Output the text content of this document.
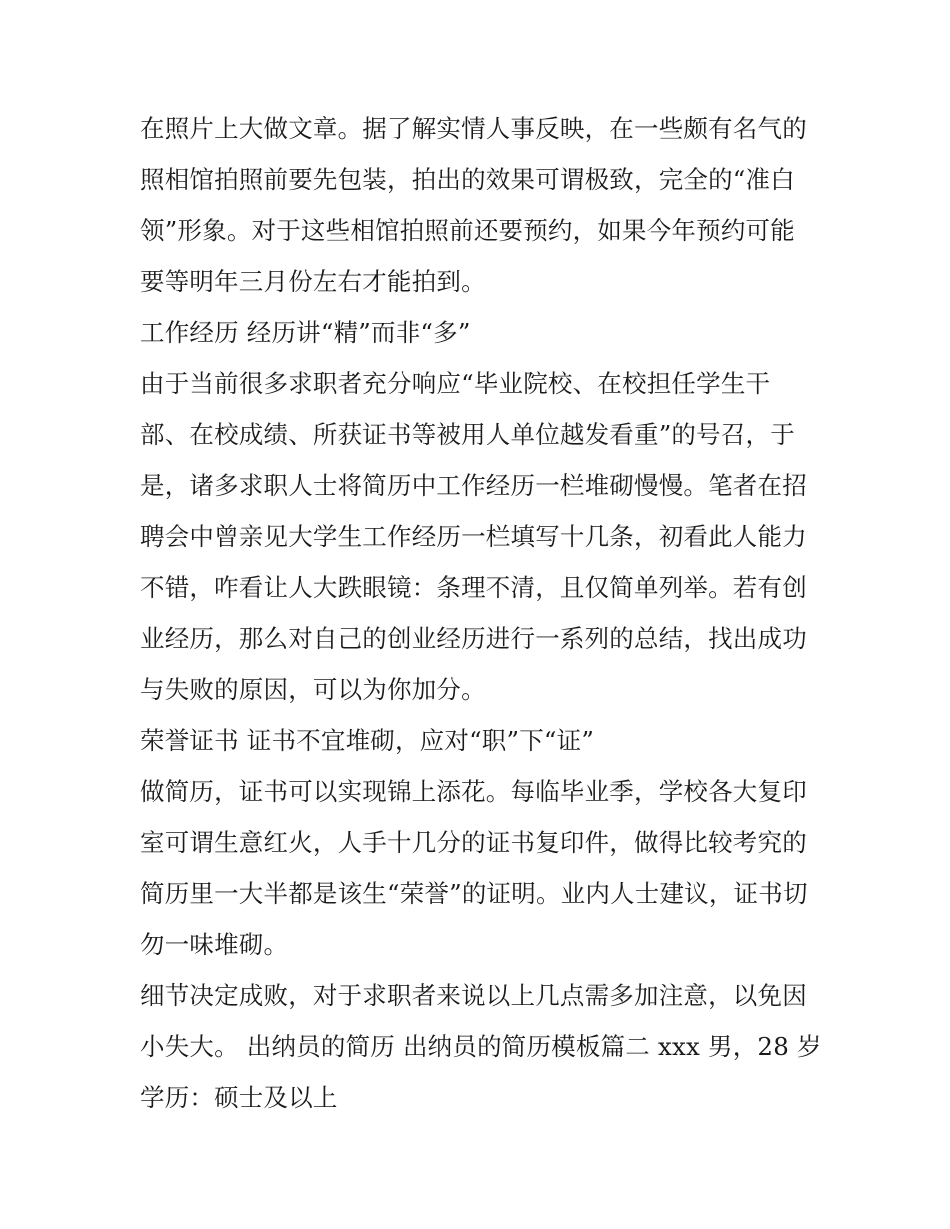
在照片上大做文章。据了解实情人事反映，在一些颇有名气的
照相馆拍照前要先包装，拍出的效果可谓极致，完全的“准白
领”形象。对于这些相馆拍照前还要预约，如果今年预约可能
要等明年三月份左右才能拍到。
工作经历 经历讲“精”而非“多”
由于当前很多求职者充分响应“毕业院校、在校担任学生干
部、在校成绩、所获证书等被用人单位越发看重”的号召，于
是，诸多求职人士将简历中工作经历一栏堆砌慢慢。笔者在招
聘会中曾亲见大学生工作经历一栏填写十几条，初看此人能力
不错，咋看让人大跌眼镜：条理不清，且仅简单列举。若有创
业经历，那么对自己的创业经历进行一系列的总结，找出成功
与失败的原因，可以为你加分。
荣誉证书 证书不宜堆砌，应对“职”下“证”
做简历，证书可以实现锦上添花。每临毕业季，学校各大复印
室可谓生意红火，人手十几分的证书复印件，做得比较考究的
简历里一大半都是该生“荣誉”的证明。业内人士建议，证书切
勿一味堆砌。
细节决定成败，对于求职者来说以上几点需多加注意，以免因
小失大。 出纳员的简历 出纳员的简历模板篇二 xxx 男，28 岁
学历：硕士及以上
